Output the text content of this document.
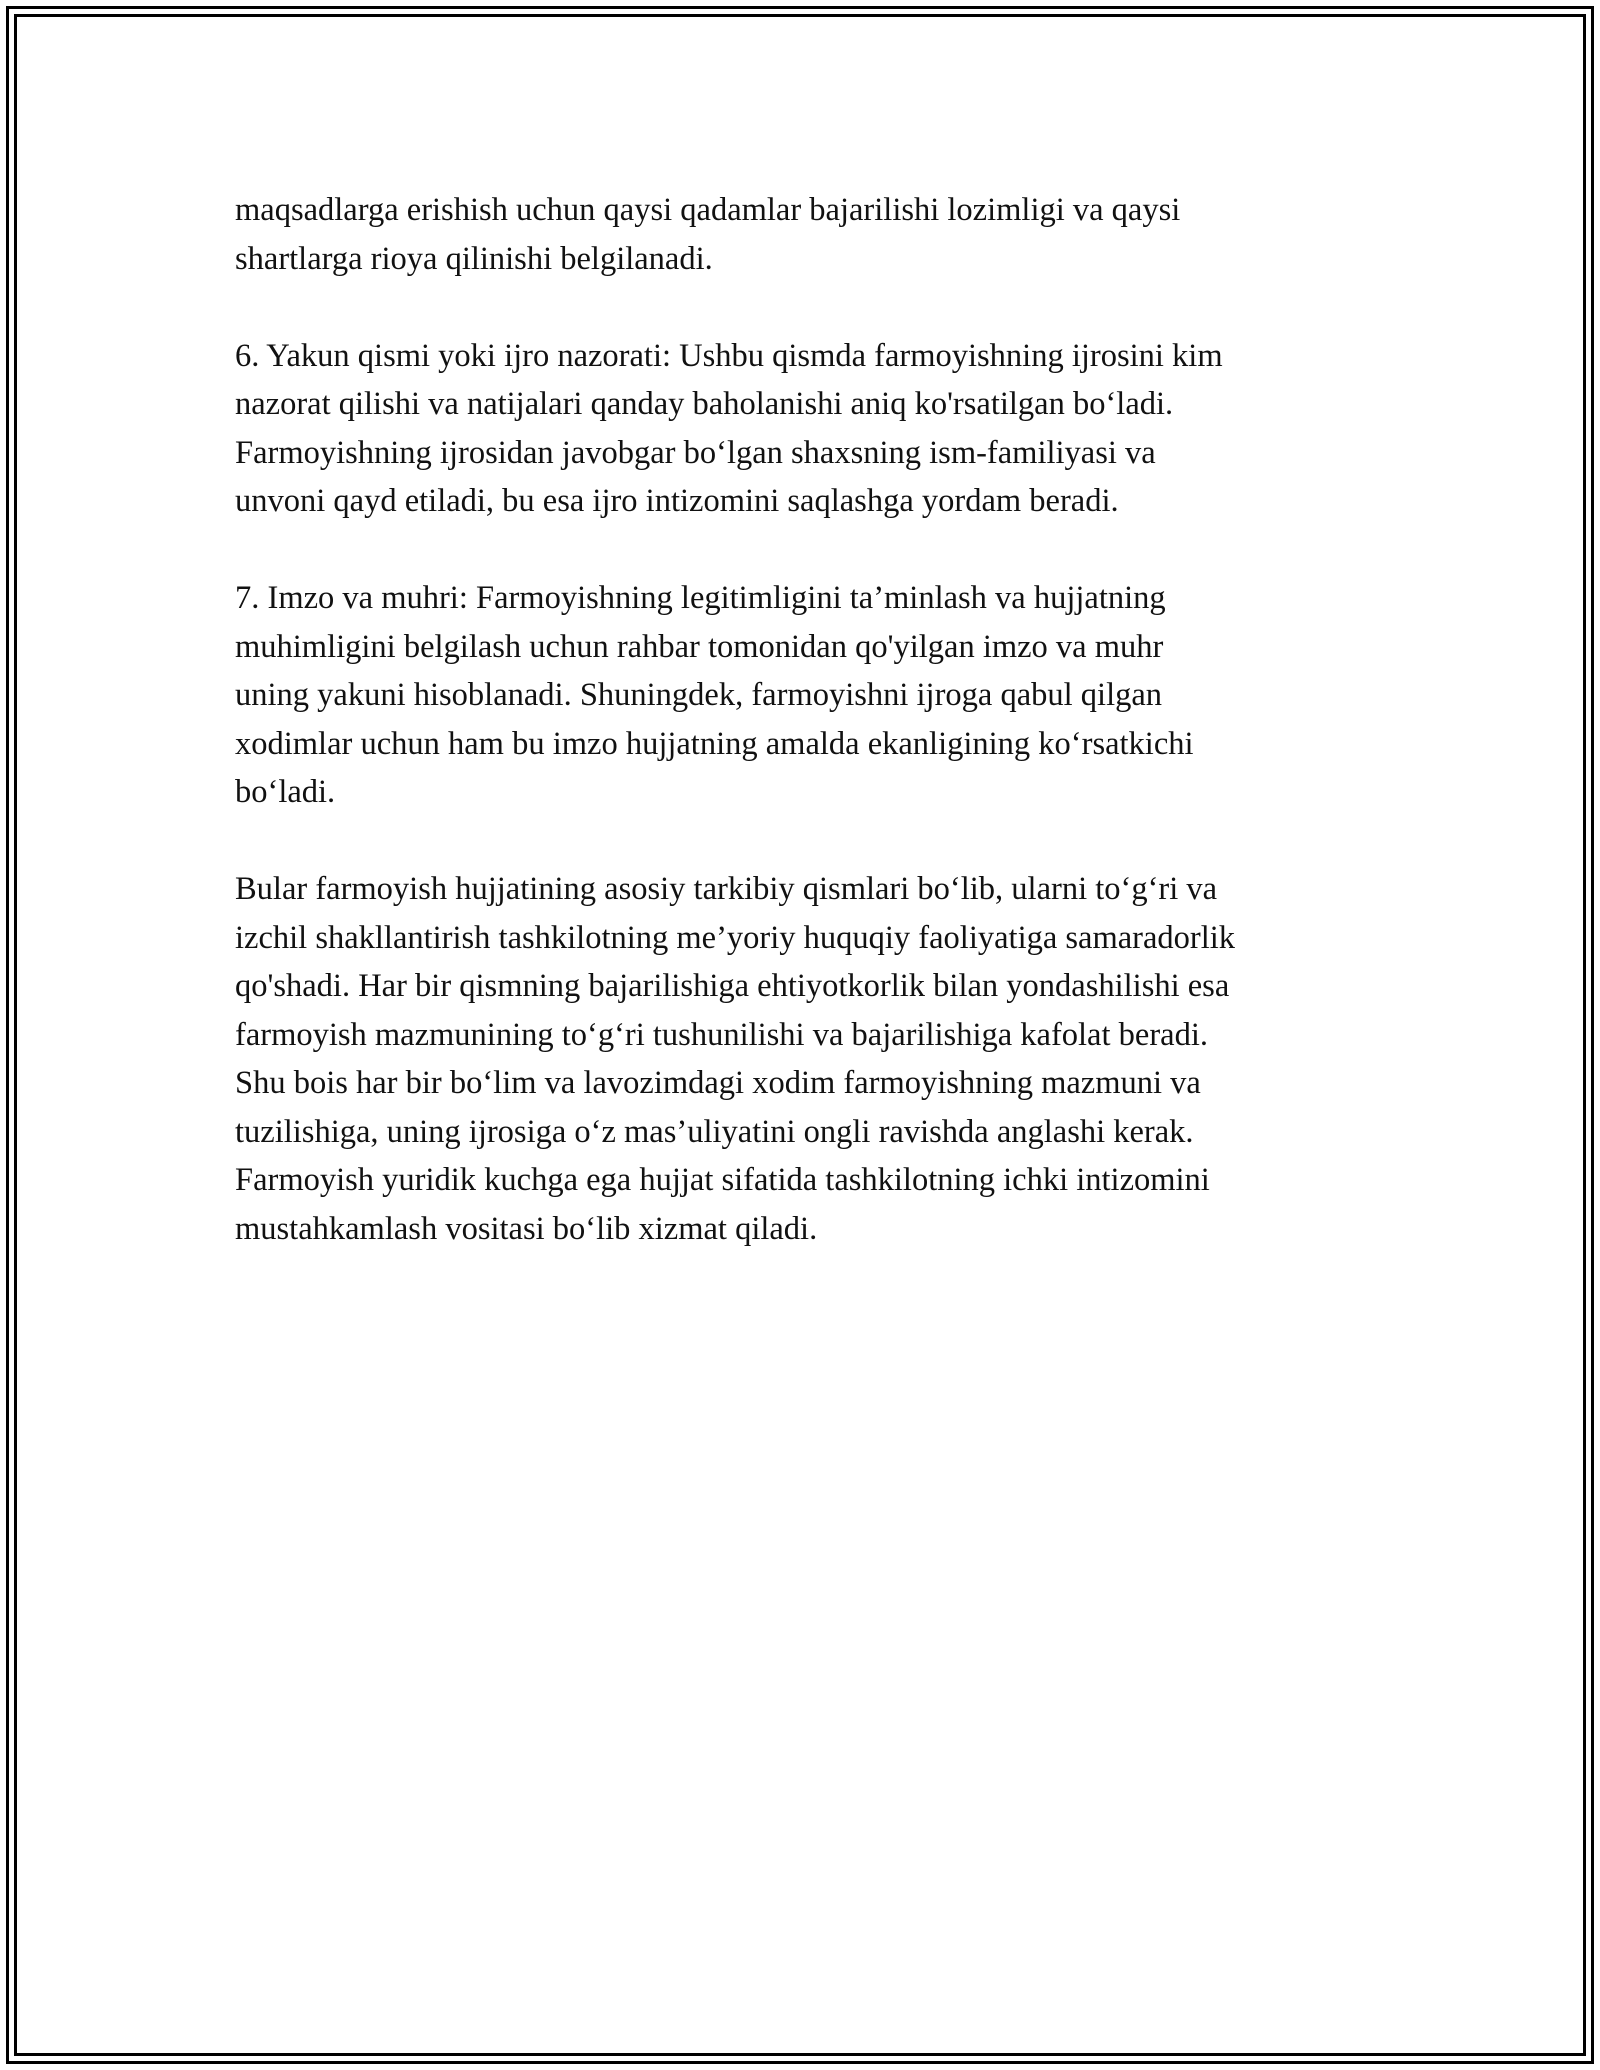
maqsadlarga erishish uchun qaysi qadamlar bajarilishi lozimligi va qaysi
shartlarga rioya qilinishi belgilanadi.

6. Yakun qismi yoki ijro nazorati: Ushbu qismda farmoyishning ijrosini kim
nazorat qilishi va natijalari qanday baholanishi aniq ko'rsatilgan bo‘ladi.
Farmoyishning ijrosidan javobgar bo‘lgan shaxsning ism-familiyasi va
unvoni qayd etiladi, bu esa ijro intizomini saqlashga yordam beradi.

7. Imzo va muhri: Farmoyishning legitimligini ta’minlash va hujjatning
muhimligini belgilash uchun rahbar tomonidan qo'yilgan imzo va muhr
uning yakuni hisoblanadi. Shuningdek, farmoyishni ijroga qabul qilgan
xodimlar uchun ham bu imzo hujjatning amalda ekanligining ko‘rsatkichi
bo‘ladi.

Bular farmoyish hujjatining asosiy tarkibiy qismlari bo‘lib, ularni to‘g‘ri va
izchil shakllantirish tashkilotning me’yoriy huquqiy faoliyatiga samaradorlik
qo'shadi. Har bir qismning bajarilishiga ehtiyotkorlik bilan yondashilishi esa
farmoyish mazmunining to‘g‘ri tushunilishi va bajarilishiga kafolat beradi.
Shu bois har bir bo‘lim va lavozimdagi xodim farmoyishning mazmuni va
tuzilishiga, uning ijrosiga o‘z mas’uliyatini ongli ravishda anglashi kerak.
Farmoyish yuridik kuchga ega hujjat sifatida tashkilotning ichki intizomini
mustahkamlash vositasi bo‘lib xizmat qiladi.
